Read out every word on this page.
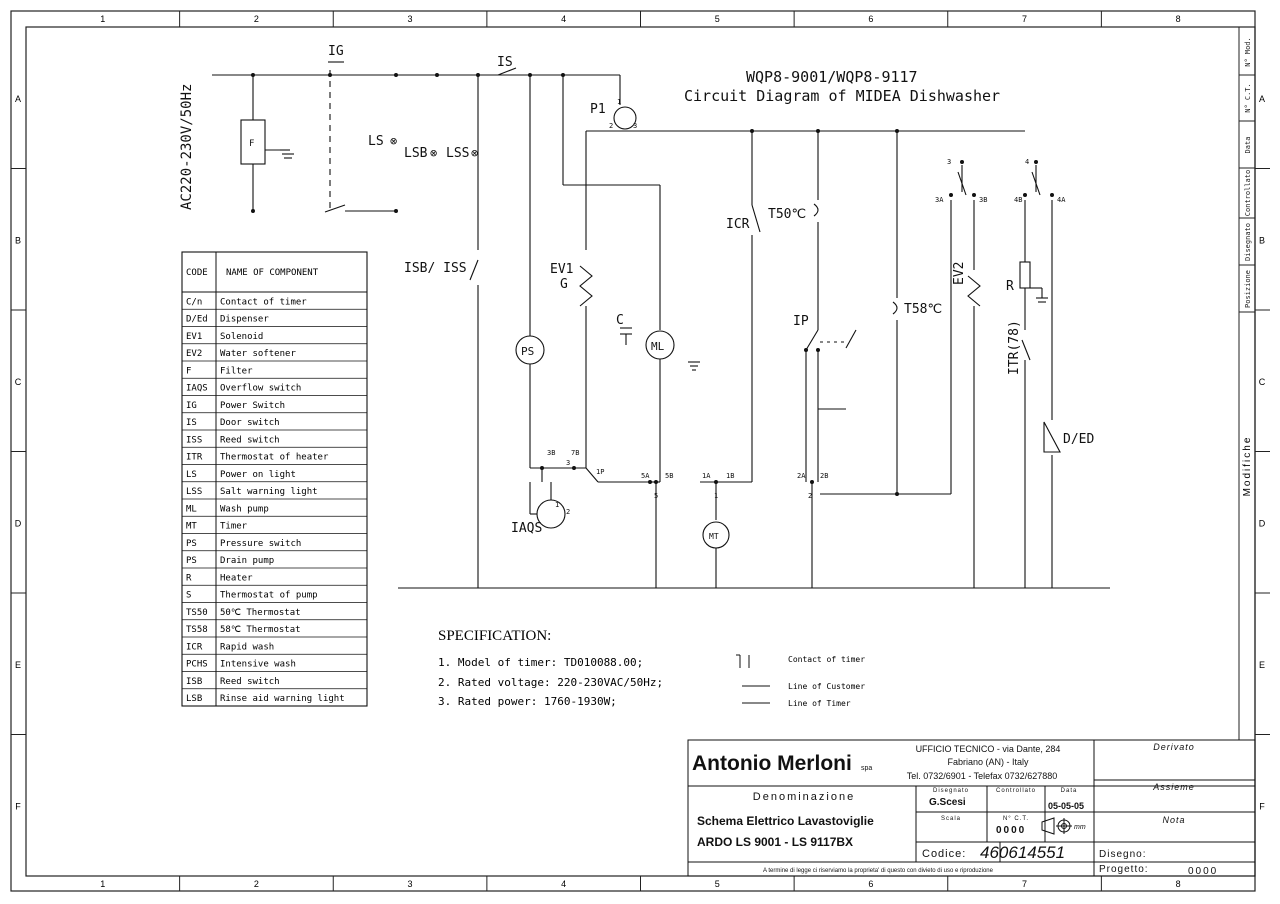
1
1
2
2
3
3
4
4
5
5
6
6
7
7
8
8
A	A
B	B
C	C
D	D
E	E
F	F
N° Mod.
N° C.T.
Data
Controllato
Disegnato
Posizione
Modifiche
WQP8-9001/WQP8-9117
Circuit Diagram of MIDEA Dishwasher
AC220-230V/50Hz
IG
IS
F	LS
LSB LSS
ISB/ ISS
P1
EV1
G
C
PS	ML
ICR
T50℃
IP
T58℃
EV2
R
ITR(78)
D/ED
IAQS
MT
1
2	3
3B 7B
1
2
1P	5A 5B
5
1A 1B
1
2A 2B
2
3A	3B
3
4B	4A
4
3
⊗
⊗	⊗
CODE NAME OF COMPONENT
C/n Contact of timer
D/Ed Dispenser
EV1 Solenoid
EV2 Water softener
F	Filter
IAQS Overflow switch
IG	Power Switch
IS	Door switch
ISS Reed switch
ITR Thermostat of heater
LS	Power on light
LSS Salt warning light
ML	Wash pump
MT	Timer
PS	Pressure switch
PS	Drain pump
R	Heater
S	Thermostat of pump
TS50 50℃ Thermostat
TS58 58℃ Thermostat
ICR Rapid wash
PCHS Intensive wash
ISB Reed switch
LSB Rinse aid warning light
SPECIFICATION:
1. Model of timer: TD010088.00;
2. Rated voltage: 220-230VAC/50Hz;
3. Rated power: 1760-1930W;
Contact of timer
Line of Customer
Line of Timer
Antonio Merloni spa
UFFICIO TECNICO - via Dante, 284
Fabriano (AN) - Italy
Tel. 0732/6901 - Telefax 0732/627880
Derivato
Assieme
Nota
Denominazione
Schema Elettrico Lavastoviglie
ARDO LS 9001 - LS 9117BX
Disegnato
G.Scesi
Controllato	Data
05-05-05
Scala	N° C.T.
0000	mm
Codice: 460614551	Disegno:
Progetto:	0000
A termine di legge ci riserviamo la proprieta' di questo con divieto di uso e riproduzione
